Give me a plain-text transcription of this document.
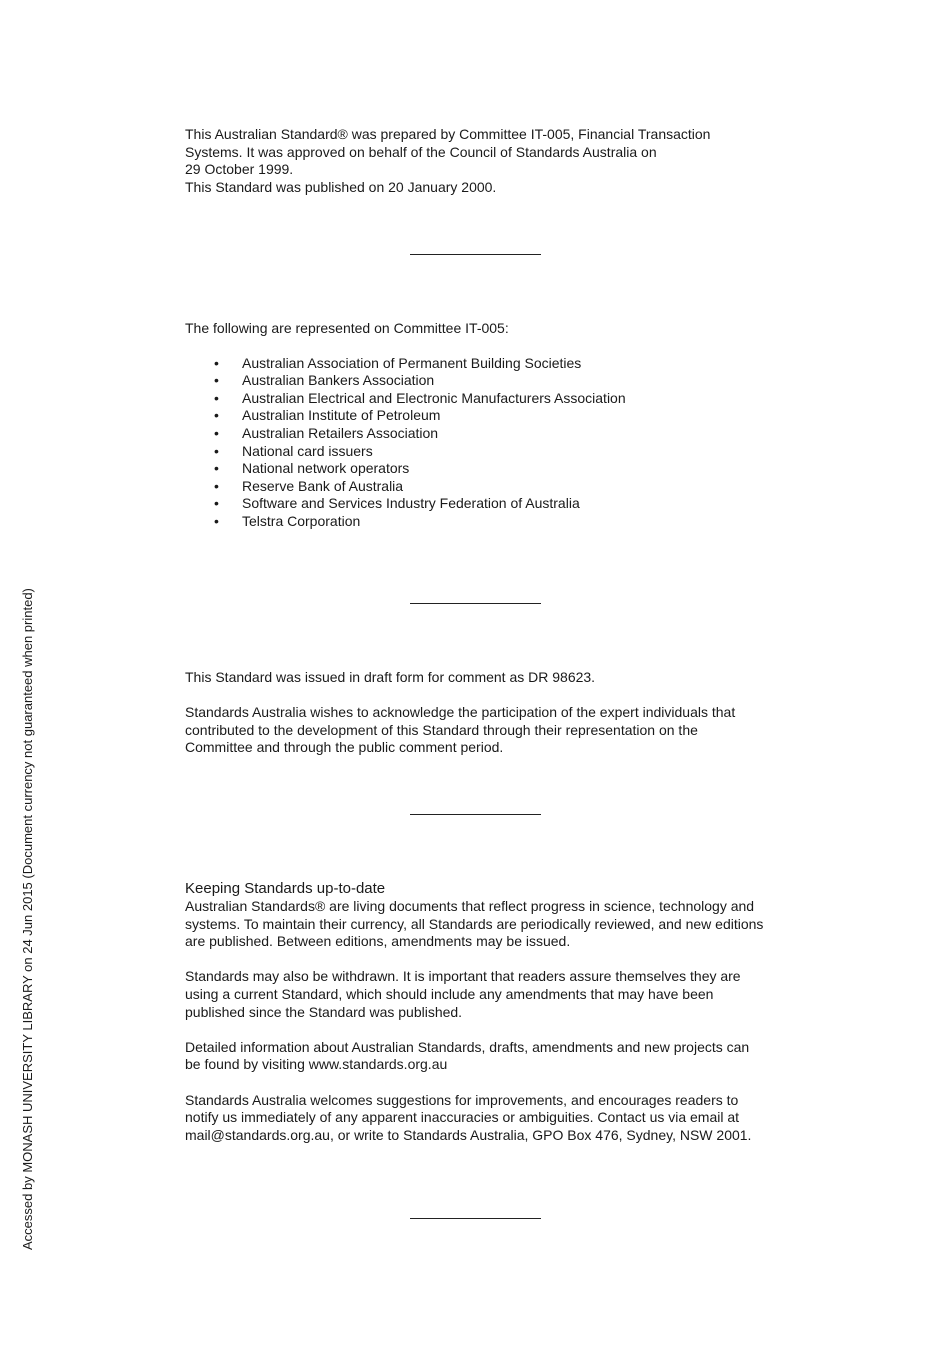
This Australian Standard® was prepared by Committee IT-005, Financial Transaction

Systems. It was approved on behalf of the Council of Standards Australia on

29 October 1999.

This Standard was published on 20 January 2000.

The following are represented on Committee IT-005:

• Australian Association of Permanent Building Societies
• Australian Bankers Association
• Australian Electrical and Electronic Manufacturers Association
• Australian Institute of Petroleum
• Australian Retailers Association
• National card issuers
• National network operators
• Reserve Bank of Australia
• Software and Services Industry Federation of Australia
• Telstra Corporation

This Standard was issued in draft form for comment as DR 98623.

Standards Australia wishes to acknowledge the participation of the expert individuals that

contributed to the development of this Standard through their representation on the

Committee and through the public comment period.

Keeping Standards up-to-date

Australian Standards® are living documents that reflect progress in science, technology and

systems. To maintain their currency, all Standards are periodically reviewed, and new editions

are published. Between editions, amendments may be issued.

Standards may also be withdrawn. It is important that readers assure themselves they are

using a current Standard, which should include any amendments that may have been

published since the Standard was published.

Detailed information about Australian Standards, drafts, amendments and new projects can

be found by visiting www.standards.org.au

Standards Australia welcomes suggestions for improvements, and encourages readers to

notify us immediately of any apparent inaccuracies or ambiguities. Contact us via email at

mail@standards.org.au, or write to Standards Australia, GPO Box 476, Sydney, NSW 2001.

Accessed by MONASH UNIVERSITY LIBRARY on 24 Jun 2015 (Document currency not guaranteed when printed)
